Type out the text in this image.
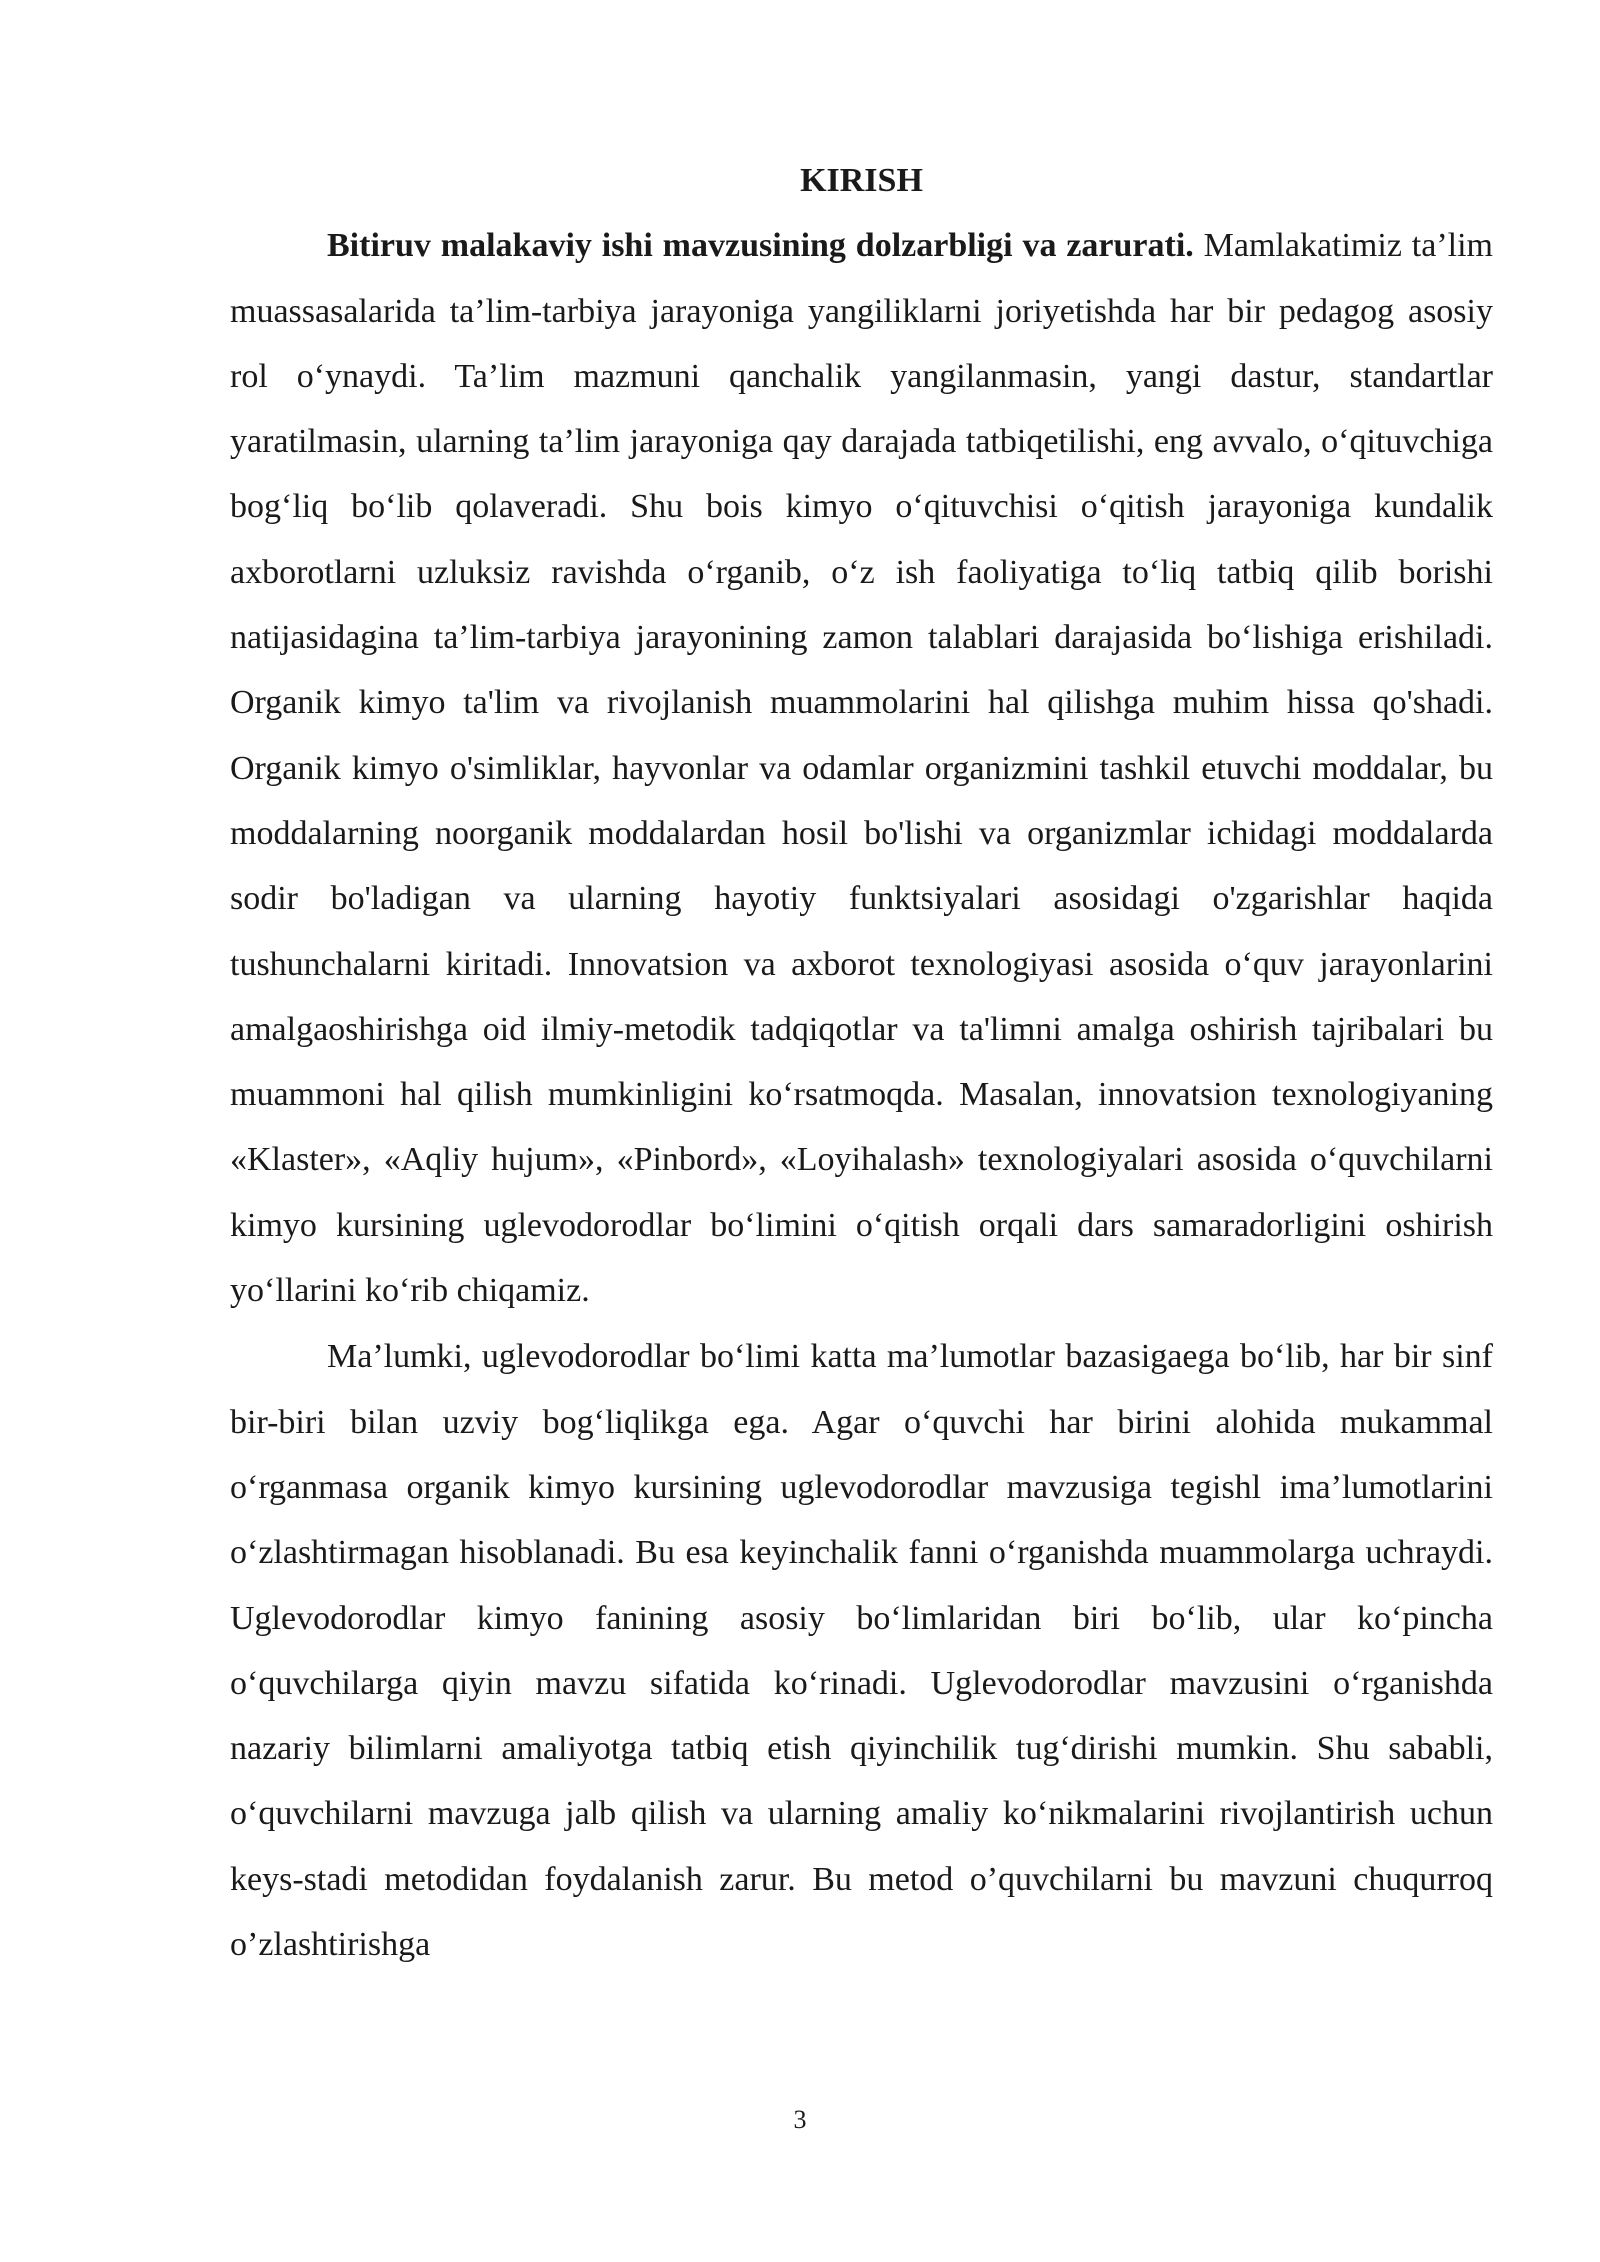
KIRISH

Bitiruv malakaviy ishi mavzusining dolzarbligi va zarurati. Mamlakatimiz ta’lim muassasalarida ta’lim-tarbiya jarayoniga yangiliklarni joriyetishda har bir pedagog asosiy rol o‘ynaydi. Ta’lim mazmuni qanchalik yangilanmasin, yangi dastur, standartlar yaratilmasin, ularning ta’lim jarayoniga qay darajada tatbiqetilishi, eng avvalo, o‘qituvchiga bog‘liq bo‘lib qolaveradi. Shu bois kimyo o‘qituvchisi o‘qitish jarayoniga kundalik axborotlarni uzluksiz ravishda o‘rganib, o‘z ish faoliyatiga to‘liq tatbiq qilib borishi natijasidagina ta’lim-tarbiya jarayonining zamon talablari darajasida bo‘lishiga erishiladi. Organik kimyo ta'lim va rivojlanish muammolarini hal qilishga muhim hissa qo'shadi. Organik kimyo o'simliklar, hayvonlar va odamlar organizmini tashkil etuvchi moddalar, bu moddalarning noorganik moddalardan hosil bo'lishi va organizmlar ichidagi moddalarda sodir bo'ladigan va ularning hayotiy funktsiyalari asosidagi o'zgarishlar haqida tushunchalarni kiritadi. Innovatsion va axborot texnologiyasi asosida o‘quv jarayonlarini amalgaoshirishga oid ilmiy-metodik tadqiqotlar va ta'limni amalga oshirish tajribalari bu muammoni hal qilish mumkinligini ko‘rsatmoqda. Masalan, innovatsion texnologiyaning «Klaster», «Aqliy hujum», «Pinbord», «Loyihalash» texnologiyalari asosida o‘quvchilarni kimyo kursining uglevodorodlar bo‘limini o‘qitish orqali dars samaradorligini oshirish yo‘llarini ko‘rib chiqamiz.

Ma’lumki, uglevodorodlar bo‘limi katta ma’lumotlar bazasigaega bo‘lib, har bir sinf bir-biri bilan uzviy bog‘liqlikga ega. Agar o‘quvchi har birini alohida mukammal o‘rganmasa organik kimyo kursining uglevodorodlar mavzusiga tegishl ima’lumotlarini o‘zlashtirmagan hisoblanadi. Bu esa keyinchalik fanni o‘rganishda muammolarga uchraydi. Uglevodorodlar kimyo fanining asosiy bo‘limlaridan biri bo‘lib, ular ko‘pincha o‘quvchilarga qiyin mavzu sifatida ko‘rinadi. Uglevodorodlar mavzusini o‘rganishda nazariy bilimlarni amaliyotga tatbiq etish qiyinchilik tug‘dirishi mumkin. Shu sababli, o‘quvchilarni mavzuga jalb qilish va ularning amaliy ko‘nikmalarini rivojlantirish uchun keys-stadi metodidan foydalanish zarur. Bu metod o’quvchilarni bu mavzuni chuqurroq o’zlashtirishga

3
